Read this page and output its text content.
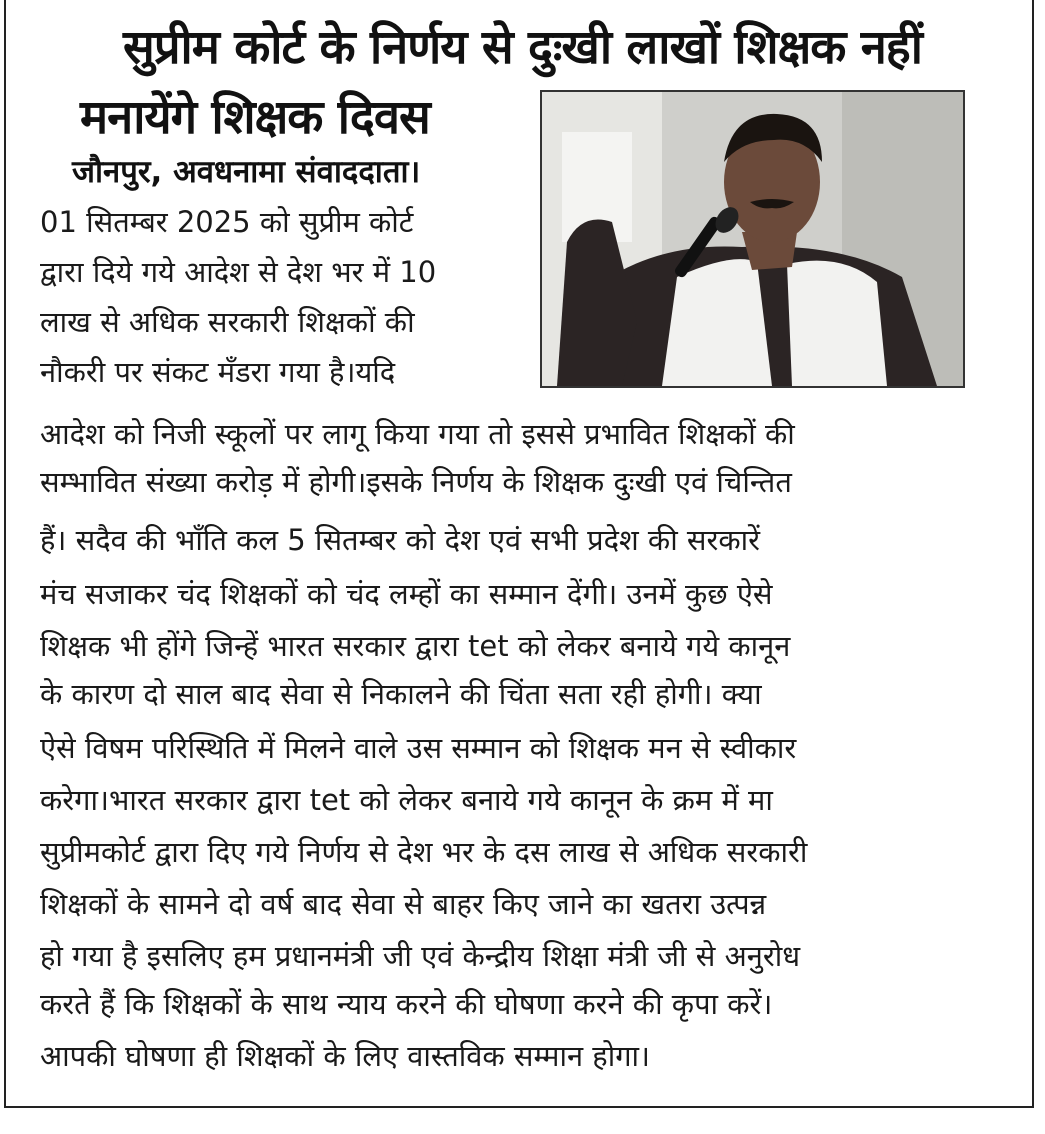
सुप्रीम कोर्ट के निर्णय से दुःखी लाखों शिक्षक नहीं
मनायेंगे शिक्षक दिवस
जौनपुर, अवधनामा संवाददाता।
01 सितम्बर 2025 को सुप्रीम कोर्ट
द्वारा दिये गये आदेश से देश भर में 10
लाख से अधिक सरकारी शिक्षकों की
नौकरी पर संकट मँडरा गया है।यदि
आदेश को निजी स्कूलों पर लागू किया गया तो इससे प्रभावित शिक्षकों की
सम्भावित संख्या करोड़ में होगी।इसके निर्णय के शिक्षक दुःखी एवं चिन्तित
हैं। सदैव की भाँति कल 5 सितम्बर को देश एवं सभी प्रदेश की सरकारें
मंच सजाकर चंद शिक्षकों को चंद लम्हों का सम्मान देंगी। उनमें कुछ ऐसे
शिक्षक भी होंगे जिन्हें भारत सरकार द्वारा tet को लेकर बनाये गये कानून
के कारण दो साल बाद सेवा से निकालने की चिंता सता रही होगी। क्या
ऐसे विषम परिस्थिति में मिलने वाले उस सम्मान को शिक्षक मन से स्वीकार
करेगा।भारत सरकार द्वारा tet को लेकर बनाये गये कानून के क्रम में मा
सुप्रीमकोर्ट द्वारा दिए गये निर्णय से देश भर के दस लाख से अधिक सरकारी
शिक्षकों के सामने दो वर्ष बाद सेवा से बाहर किए जाने का खतरा उत्पन्न
हो गया है इसलिए हम प्रधानमंत्री जी एवं केन्द्रीय शिक्षा मंत्री जी से अनुरोध
करते हैं कि शिक्षकों के साथ न्याय करने की घोषणा करने की कृपा करें।
आपकी घोषणा ही शिक्षकों के लिए वास्तविक सम्मान होगा।
